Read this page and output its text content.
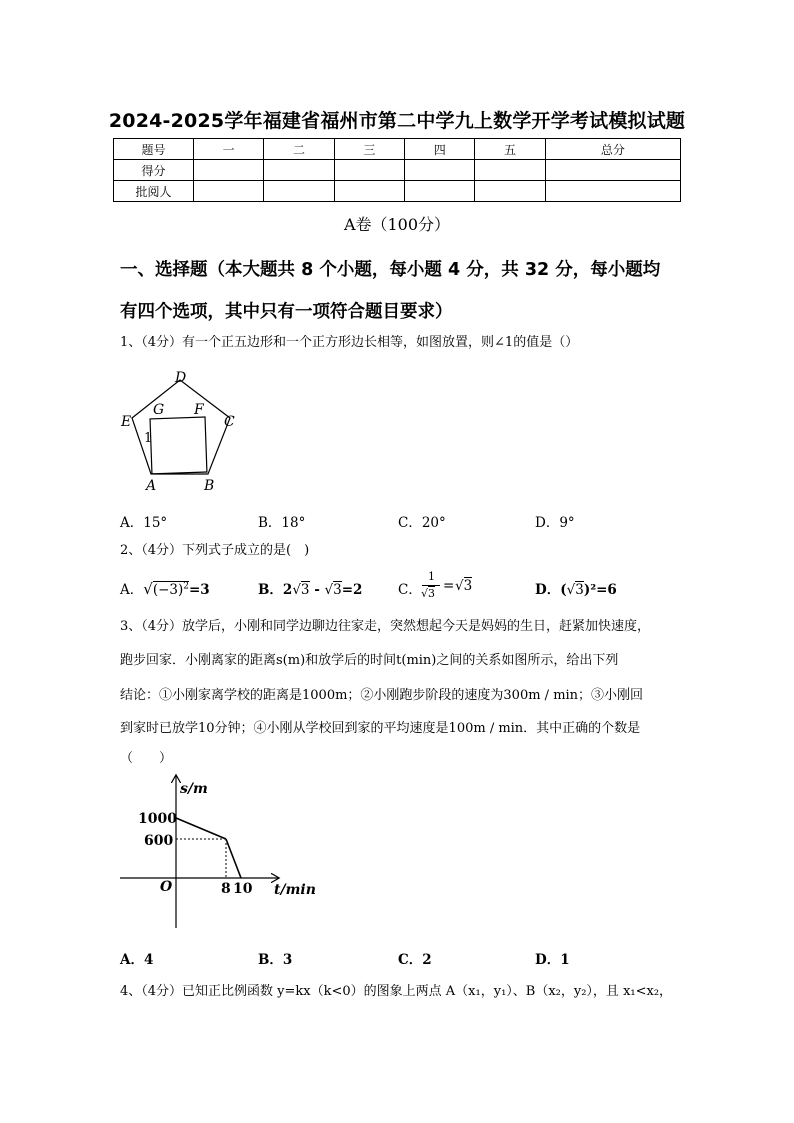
2024-2025学年福建省福州市第二中学九上数学开学考试模拟试题
题号	一	二	三	四	五	总分
得分						
批阅人						
A卷（100分）
一、选择题（本大题共 8 个小题，每小题 4 分，共 32 分，每小题均
有四个选项，其中只有一项符合题目要求）
1、（4分）有一个正五边形和一个正方形边长相等，如图放置，则∠1的值是（）
D
E
G F
C
1
A	B
A．15°	B．18°	C．20°	D．9°
2、（4分）下列式子成立的是(　)
A．$√(-3)^2=3$	B．2√3 - √3=2	C．
1
√3 = √3	D．(√3)²=6
3、（4分）放学后，小刚和同学边聊边往家走，突然想起今天是妈妈的生日，赶紧加快速度，
跑步回家．小刚离家的距离s(m)和放学后的时间t(min)之间的关系如图所示，给出下列
结论：①小刚家离学校的距离是1000m；②小刚跑步阶段的速度为300m / min；③小刚回
到家时已放学10分钟；④小刚从学校回到家的平均速度是100m / min．其中正确的个数是
（　　）
s/m
1000
600
O	8 10 t/min
A．4	B．3	C．2	D．1
4、（4分）已知正比例函数 y=kx（k<0）的图象上两点 A（x₁，y₁）、B（x₂，y₂），且 x₁<x₂，
